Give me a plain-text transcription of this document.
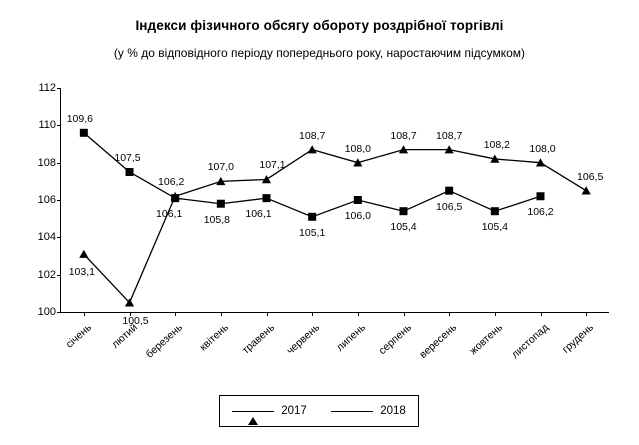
Індекси фізичного обсягу обороту роздрібної торгівлі
(у % до відповідного періоду попереднього року, наростаючим підсумком)
100
102
104
106
108
110
112
січень	лютий березень	квітень травень червень	липень серпень вересень жовтень листопад грудень
103,1
100,5
106,2
107,0 107,1
108,7
108,0
108,7 108,7
108,2 108,0
106,5
109,6
107,5
106,1 105,8 106,1
105,1
106,0
105,4
106,5
105,4
106,2
2017	2018
